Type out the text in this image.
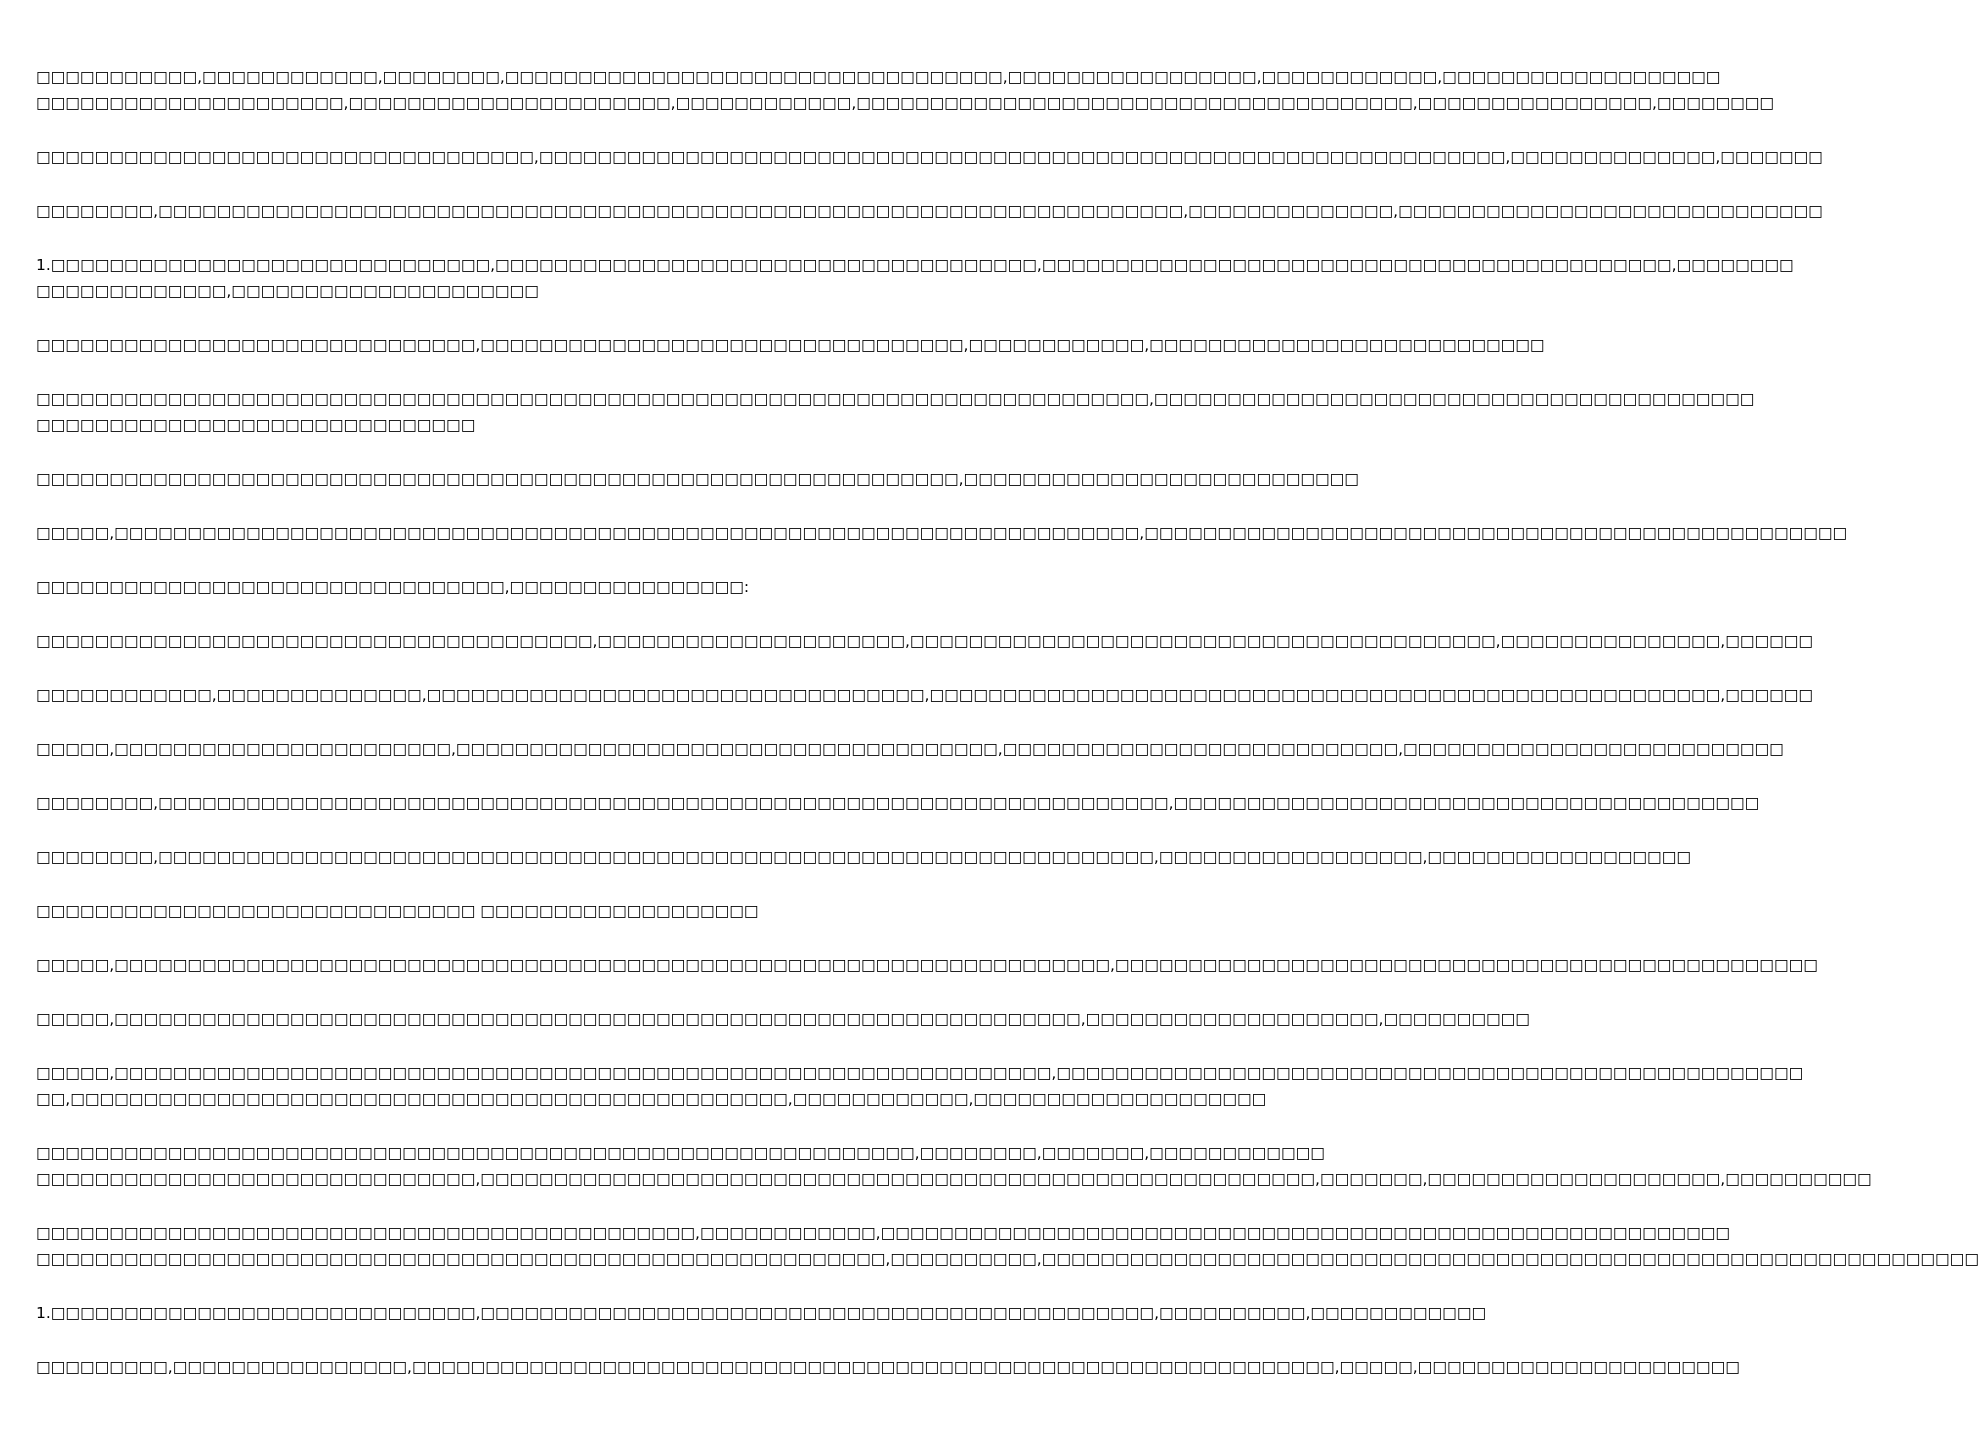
□□□□□□□□□□□,□□□□□□□□□□□□,□□□□□□□□,□□□□□□□□□□□□□□□□□□□□□□□□□□□□□□□□□□,□□□□□□□□□□□□□□□□□,□□□□□□□□□□□□,□□□□□□□□□□□□□□□□□□□
□□□□□□□□□□□□□□□□□□□□□,□□□□□□□□□□□□□□□□□□□□□□,□□□□□□□□□□□□,□□□□□□□□□□□□□□□□□□□□□□□□□□□□□□□□□□□□□□,□□□□□□□□□□□□□□□□,□□□□□□□□
□□□□□□□□□□□□□□□□□□□□□□□□□□□□□□□□□□,□□□□□□□□□□□□□□□□□□□□□□□□□□□□□□□□□□□□□□□□□□□□□□□□□□□□□□□□□□□□□□□□□□,□□□□□□□□□□□□□□,□□□□□□□
□□□□□□□□,□□□□□□□□□□□□□□□□□□□□□□□□□□□□□□□□□□□□□□□□□□□□□□□□□□□□□□□□□□□□□□□□□□□□□□,□□□□□□□□□□□□□□,□□□□□□□□□□□□□□□□□□□□□□□□□□□□□
1.□□□□□□□□□□□□□□□□□□□□□□□□□□□□□□,□□□□□□□□□□□□□□□□□□□□□□□□□□□□□□□□□□□□□,□□□□□□□□□□□□□□□□□□□□□□□□□□□□□□□□□□□□□□□□□□□,□□□□□□□□
□□□□□□□□□□□□□,□□□□□□□□□□□□□□□□□□□□□
□□□□□□□□□□□□□□□□□□□□□□□□□□□□□□,□□□□□□□□□□□□□□□□□□□□□□□□□□□□□□□□□,□□□□□□□□□□□□,□□□□□□□□□□□□□□□□□□□□□□□□□□□
□□□□□□□□□□□□□□□□□□□□□□□□□□□□□□□□□□□□□□□□□□□□□□□□□□□□□□□□□□□□□□□□□□□□□□□□□□□□,□□□□□□□□□□□□□□□□□□□□□□□□□□□□□□□□□□□□□□□□□
□□□□□□□□□□□□□□□□□□□□□□□□□□□□□□
□□□□□□□□□□□□□□□□□□□□□□□□□□□□□□□□□□□□□□□□□□□□□□□□□□□□□□□□□□□□□□□,□□□□□□□□□□□□□□□□□□□□□□□□□□□
□□□□□,□□□□□□□□□□□□□□□□□□□□□□□□□□□□□□□□□□□□□□□□□□□□□□□□□□□□□□□□□□□□□□□□□□□□□□,□□□□□□□□□□□□□□□□□□□□□□□□□□□□□□□□□□□□□□□□□□□□□□□□
□□□□□□□□□□□□□□□□□□□□□□□□□□□□□□□□,□□□□□□□□□□□□□□□□:
□□□□□□□□□□□□□□□□□□□□□□□□□□□□□□□□□□□□□□,□□□□□□□□□□□□□□□□□□□□□,□□□□□□□□□□□□□□□□□□□□□□□□□□□□□□□□□□□□□□□□,□□□□□□□□□□□□□□□,□□□□□□
□□□□□□□□□□□□,□□□□□□□□□□□□□□,□□□□□□□□□□□□□□□□□□□□□□□□□□□□□□□□□□,□□□□□□□□□□□□□□□□□□□□□□□□□□□□□□□□□□□□□□□□□□□□□□□□□□□□□□,□□□□□□
□□□□□,□□□□□□□□□□□□□□□□□□□□□□□,□□□□□□□□□□□□□□□□□□□□□□□□□□□□□□□□□□□□□,□□□□□□□□□□□□□□□□□□□□□□□□□□□,□□□□□□□□□□□□□□□□□□□□□□□□□□
□□□□□□□□,□□□□□□□□□□□□□□□□□□□□□□□□□□□□□□□□□□□□□□□□□□□□□□□□□□□□□□□□□□□□□□□□□□□□□,□□□□□□□□□□□□□□□□□□□□□□□□□□□□□□□□□□□□□□□□
□□□□□□□□,□□□□□□□□□□□□□□□□□□□□□□□□□□□□□□□□□□□□□□□□□□□□□□□□□□□□□□□□□□□□□□□□□□□□,□□□□□□□□□□□□□□□□□□,□□□□□□□□□□□□□□□□□□
□□□□□□□□□□□□□□□□□□□□□□□□□□□□□□ □□□□□□□□□□□□□□□□□□□
□□□□□,□□□□□□□□□□□□□□□□□□□□□□□□□□□□□□□□□□□□□□□□□□□□□□□□□□□□□□□□□□□□□□□□□□□□,□□□□□□□□□□□□□□□□□□□□□□□□□□□□□□□□□□□□□□□□□□□□□□□□
□□□□□,□□□□□□□□□□□□□□□□□□□□□□□□□□□□□□□□□□□□□□□□□□□□□□□□□□□□□□□□□□□□□□□□□□,□□□□□□□□□□□□□□□□□□□□,□□□□□□□□□□
□□□□□,□□□□□□□□□□□□□□□□□□□□□□□□□□□□□□□□□□□□□□□□□□□□□□□□□□□□□□□□□□□□□□□□,□□□□□□□□□□□□□□□□□□□□□□□□□□□□□□□□□□□□□□□□□□□□□□□□□□□
□□,□□□□□□□□□□□□□□□□□□□□□□□□□□□□□□□□□□□□□□□□□□□□□□□□□,□□□□□□□□□□□□,□□□□□□□□□□□□□□□□□□□□
□□□□□□□□□□□□□□□□□□□□□□□□□□□□□□□□□□□□□□□□□□□□□□□□□□□□□□□□□□□□,□□□□□□□□,□□□□□□□,□□□□□□□□□□□□
□□□□□□□□□□□□□□□□□□□□□□□□□□□□□□,□□□□□□□□□□□□□□□□□□□□□□□□□□□□□□□□□□□□□□□□□□□□□□□□□□□□□□□□□,□□□□□□□,□□□□□□□□□□□□□□□□□□□□,□□□□□□□□□□
□□□□□□□□□□□□□□□□□□□□□□□□□□□□□□□□□□□□□□□□□□□□□,□□□□□□□□□□□□,□□□□□□□□□□□□□□□□□□□□□□□□□□□□□□□□□□□□□□□□□□□□□□□□□□□□□□□□□□
□□□□□□□□□□□□□□□□□□□□□□□□□□□□□□□□□□□□□□□□□□□□□□□□□□□□□□□□□□,□□□□□□□□□□,□□□□□□□□□□□□□□□□□□□□□□□□□□□□□□□□□□□□□□□□□□□□□□□□□□□□□□□□□□□□□□□□
1.□□□□□□□□□□□□□□□□□□□□□□□□□□□□□,□□□□□□□□□□□□□□□□□□□□□□□□□□□□□□□□□□□□□□□□□□□□□□,□□□□□□□□□□,□□□□□□□□□□□□
□□□□□□□□□,□□□□□□□□□□□□□□□□,□□□□□□□□□□□□□□□□□□□□□□□□□□□□□□□□□□□□□□□□□□□□□□□□□□□□□□□□□□□□□□□,□□□□□,□□□□□□□□□□□□□□□□□□□□□□
